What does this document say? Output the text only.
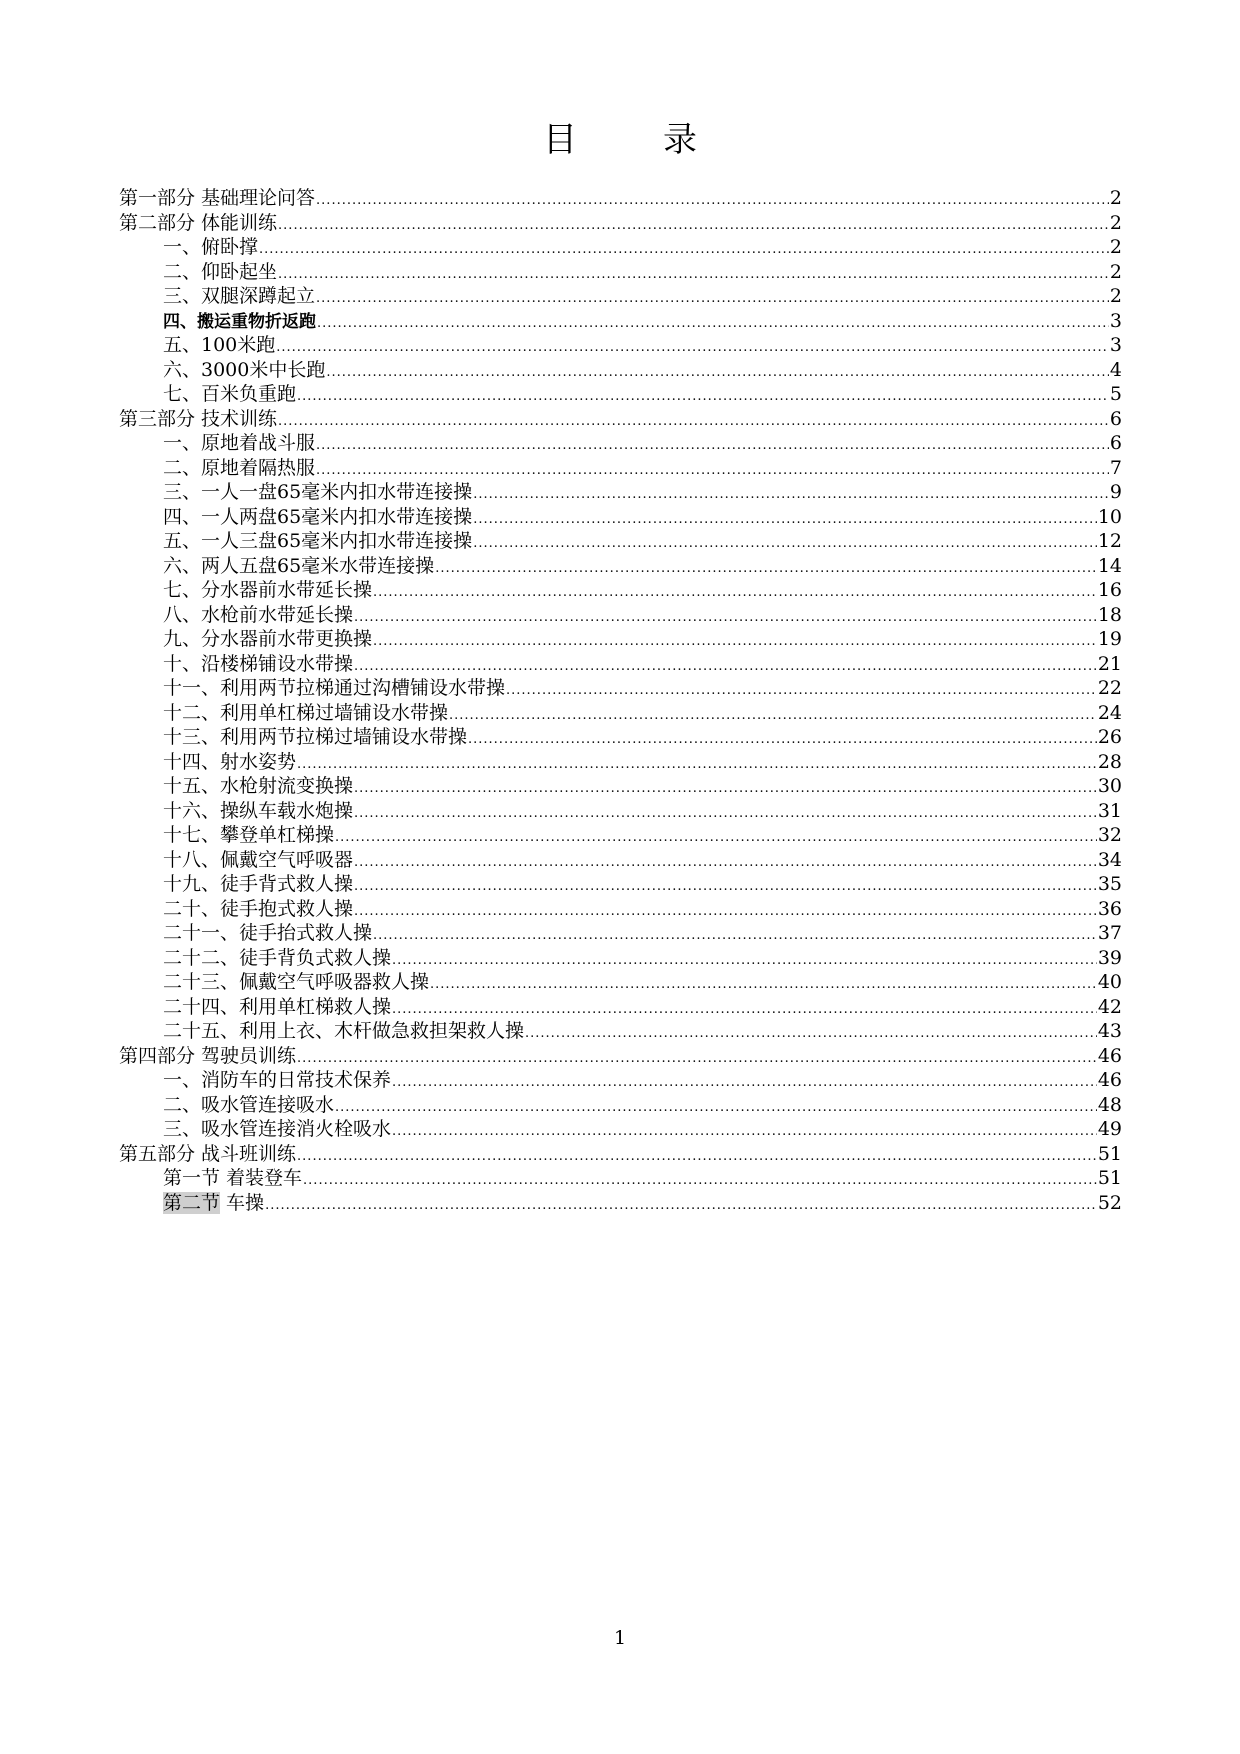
目　录
第一部分 基础理论问答 .....	2
第二部分 体能训练 .....	2
一、俯卧撑 .....	2
二、仰卧起坐 .....	2
三、双腿深蹲起立 .....	2
四、搬运重物折返跑 .....	3
五、100米跑 .....	3
六、3000米中长跑 .....	4
七、百米负重跑 .....	5
第三部分 技术训练 .....	6
一、原地着战斗服 .....	6
二、原地着隔热服 .....	7
三、一人一盘65毫米内扣水带连接操 .....	9
四、一人两盘65毫米内扣水带连接操 .....	10
五、一人三盘65毫米内扣水带连接操 .....	12
六、两人五盘65毫米水带连接操 .....	14
七、分水器前水带延长操 .....	16
八、水枪前水带延长操 .....	18
九、分水器前水带更换操 .....	19
十、沿楼梯铺设水带操 .....	21
十一、利用两节拉梯通过沟槽铺设水带操 .....	22
十二、利用单杠梯过墙铺设水带操 .....	24
十三、利用两节拉梯过墙铺设水带操 .....	26
十四、射水姿势 .....	28
十五、水枪射流变换操 .....	30
十六、操纵车载水炮操 .....	31
十七、攀登单杠梯操 .....	32
十八、佩戴空气呼吸器 .....	34
十九、徒手背式救人操 .....	35
二十、徒手抱式救人操 .....	36
二十一、徒手抬式救人操 .....	37
二十二、徒手背负式救人操 .....	39
二十三、佩戴空气呼吸器救人操 .....	40
二十四、利用单杠梯救人操 .....	42
二十五、利用上衣、木杆做急救担架救人操 .....	43
第四部分 驾驶员训练 .....	46
一、消防车的日常技术保养 .....	46
二、吸水管连接吸水 .....	48
三、吸水管连接消火栓吸水 .....	49
第五部分 战斗班训练 .....	51
第一节 着装登车 .....	51
第二节 车操 .....	52
1
